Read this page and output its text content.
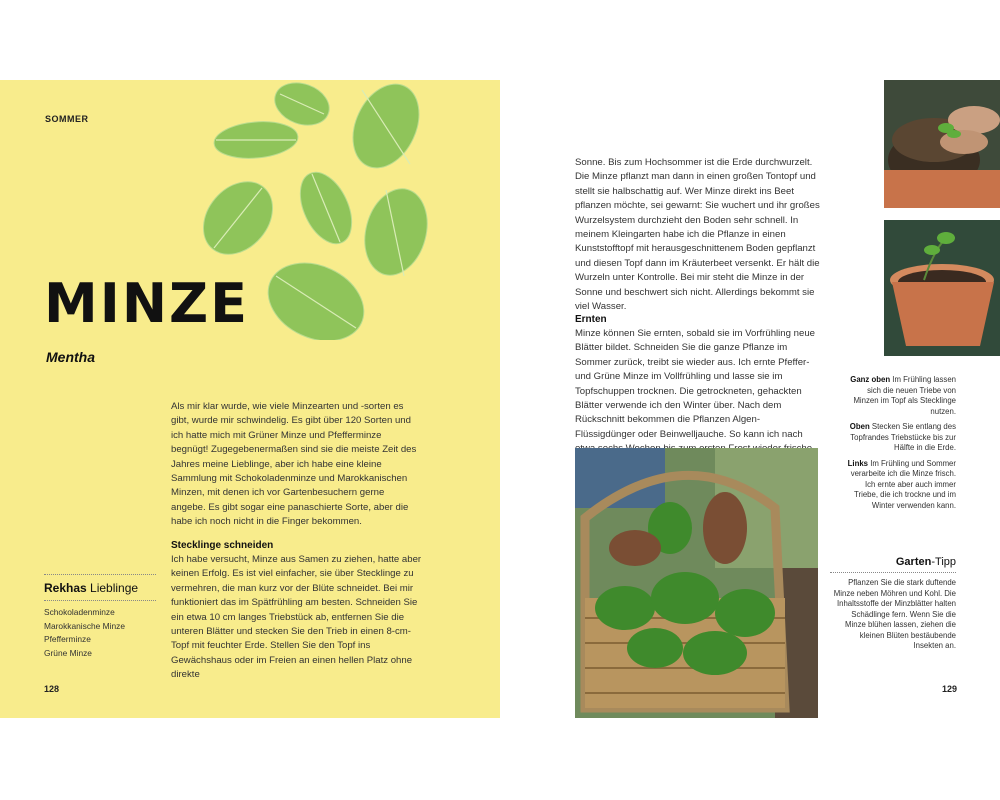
SOMMER
MINZE
Mentha

Als mir klar wurde, wie viele Minzearten und -sorten es gibt, wurde mir schwindelig. Es gibt über 120 Sorten und ich hatte mich mit Grüner Minze und Pfefferminze begnügt! Zugegebenermaßen sind sie die meiste Zeit des Jahres meine Lieblinge, aber ich habe eine kleine Sammlung mit Schokoladenminze und Marokkanischen Minzen, mit denen ich vor Gartenbesuchern gerne angebe. Es gibt sogar eine panaschierte Sorte, aber die habe ich noch nicht in die Finger bekommen.

Stecklinge schneiden

Ich habe versucht, Minze aus Samen zu ziehen, hatte aber keinen Erfolg. Es ist viel einfacher, sie über Stecklinge zu vermehren, die man kurz vor der Blüte schneidet. Bei mir funktioniert das im Spätfrühling am besten. Schneiden Sie ein etwa 10 cm langes Triebstück ab, entfernen Sie die unteren Blätter und stecken Sie den Trieb in einen 8-cm-Topf mit feuchter Erde. Stellen Sie den Topf ins Gewächshaus oder im Freien an einen hellen Platz ohne direkte

Rekhas Lieblinge
Schokoladenminze
Marokkanische Minze
Pfefferminze
Grüne Minze
128

Sonne. Bis zum Hochsommer ist die Erde durchwurzelt. Die Minze pflanzt man dann in einen großen Tontopf und stellt sie halbschattig auf. Wer Minze direkt ins Beet pflanzen möchte, sei gewarnt: Sie wuchert und ihr großes Wurzelsystem durchzieht den Boden sehr schnell. In meinem Kleingarten habe ich die Pflanze in einen Kunststofftopf mit herausgeschnittenem Boden gepflanzt und diesen Topf dann im Kräuterbeet versenkt. Er hält die Wurzeln unter Kontrolle. Bei mir steht die Minze in der Sonne und beschwert sich nicht. Allerdings bekommt sie viel Wasser.

Ernten

Minze können Sie ernten, sobald sie im Vorfrühling neue Blätter bildet. Schneiden Sie die ganze Pflanze im Sommer zurück, treibt sie wieder aus. Ich ernte Pfeffer- und Grüne Minze im Vollfrühling und lasse sie im Topfschuppen trocknen. Die getrockneten, gehackten Blätter verwende ich den Winter über. Nach dem Rückschnitt bekommen die Pflanzen Algen-Flüssigdünger oder Beinwelljauche. So kann ich nach

Ganz oben Im Frühling lassen sich die neuen Triebe von Minzen im Topf als Stecklinge nutzen.
Oben Stecken Sie entlang des Topfrandes Triebstücke bis zur Hälfte in die Erde.
Links Im Frühling und Sommer verarbeite ich die Minze frisch. Ich ernte aber auch immer Triebe, die ich trockne und im Winter verwenden kann.
Garten-Tipp
Pflanzen Sie die stark duftende Minze neben Möhren und Kohl. Die Inhaltsstoffe der Minzblätter halten Schädlinge fern. Wenn Sie die Minze blühen lassen, ziehen die kleinen Blüten bestäubende Insekten an.
129
